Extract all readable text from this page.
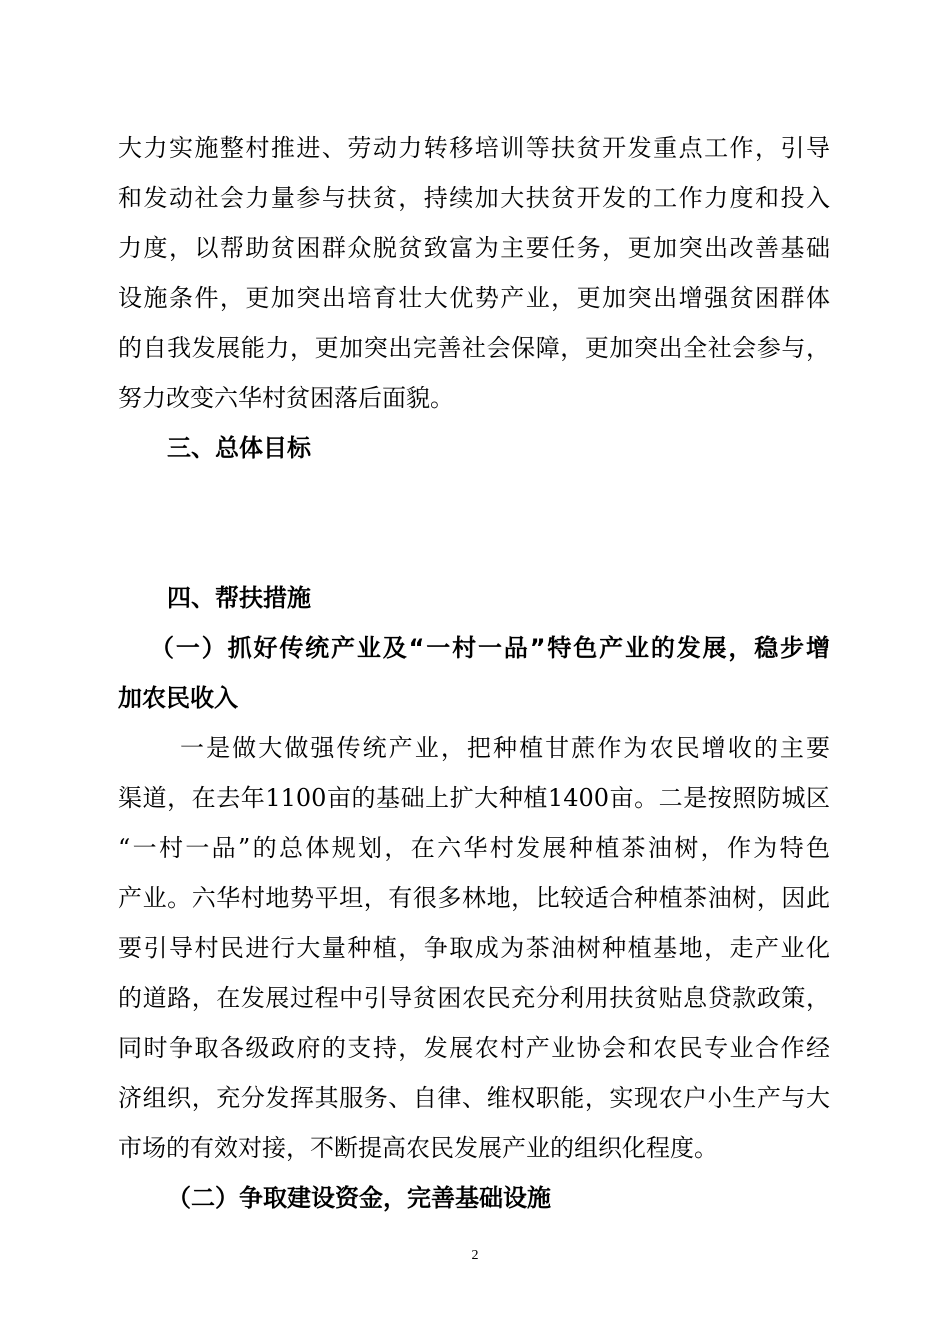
大力实施整村推进、劳动力转移培训等扶贫开发重点工作，引导
和发动社会力量参与扶贫，持续加大扶贫开发的工作力度和投入
力度，以帮助贫困群众脱贫致富为主要任务，更加突出改善基础
设施条件，更加突出培育壮大优势产业，更加突出增强贫困群体
的自我发展能力，更加突出完善社会保障，更加突出全社会参与，
努力改变六华村贫困落后面貌。
三、总体目标
四、帮扶措施
（一）抓好传统产业及“一村一品”特色产业的发展，稳步增
加农民收入
一是做大做强传统产业，把种植甘蔗作为农民增收的主要
渠道，在去年1100亩的基础上扩大种植1400亩。二是按照防城区
“一村一品”的总体规划，在六华村发展种植茶油树，作为特色
产业。六华村地势平坦，有很多林地，比较适合种植茶油树，因此
要引导村民进行大量种植，争取成为茶油树种植基地，走产业化
的道路，在发展过程中引导贫困农民充分利用扶贫贴息贷款政策，
同时争取各级政府的支持，发展农村产业协会和农民专业合作经
济组织，充分发挥其服务、自律、维权职能，实现农户小生产与大
市场的有效对接，不断提高农民发展产业的组织化程度。
（二）争取建设资金，完善基础设施
2
